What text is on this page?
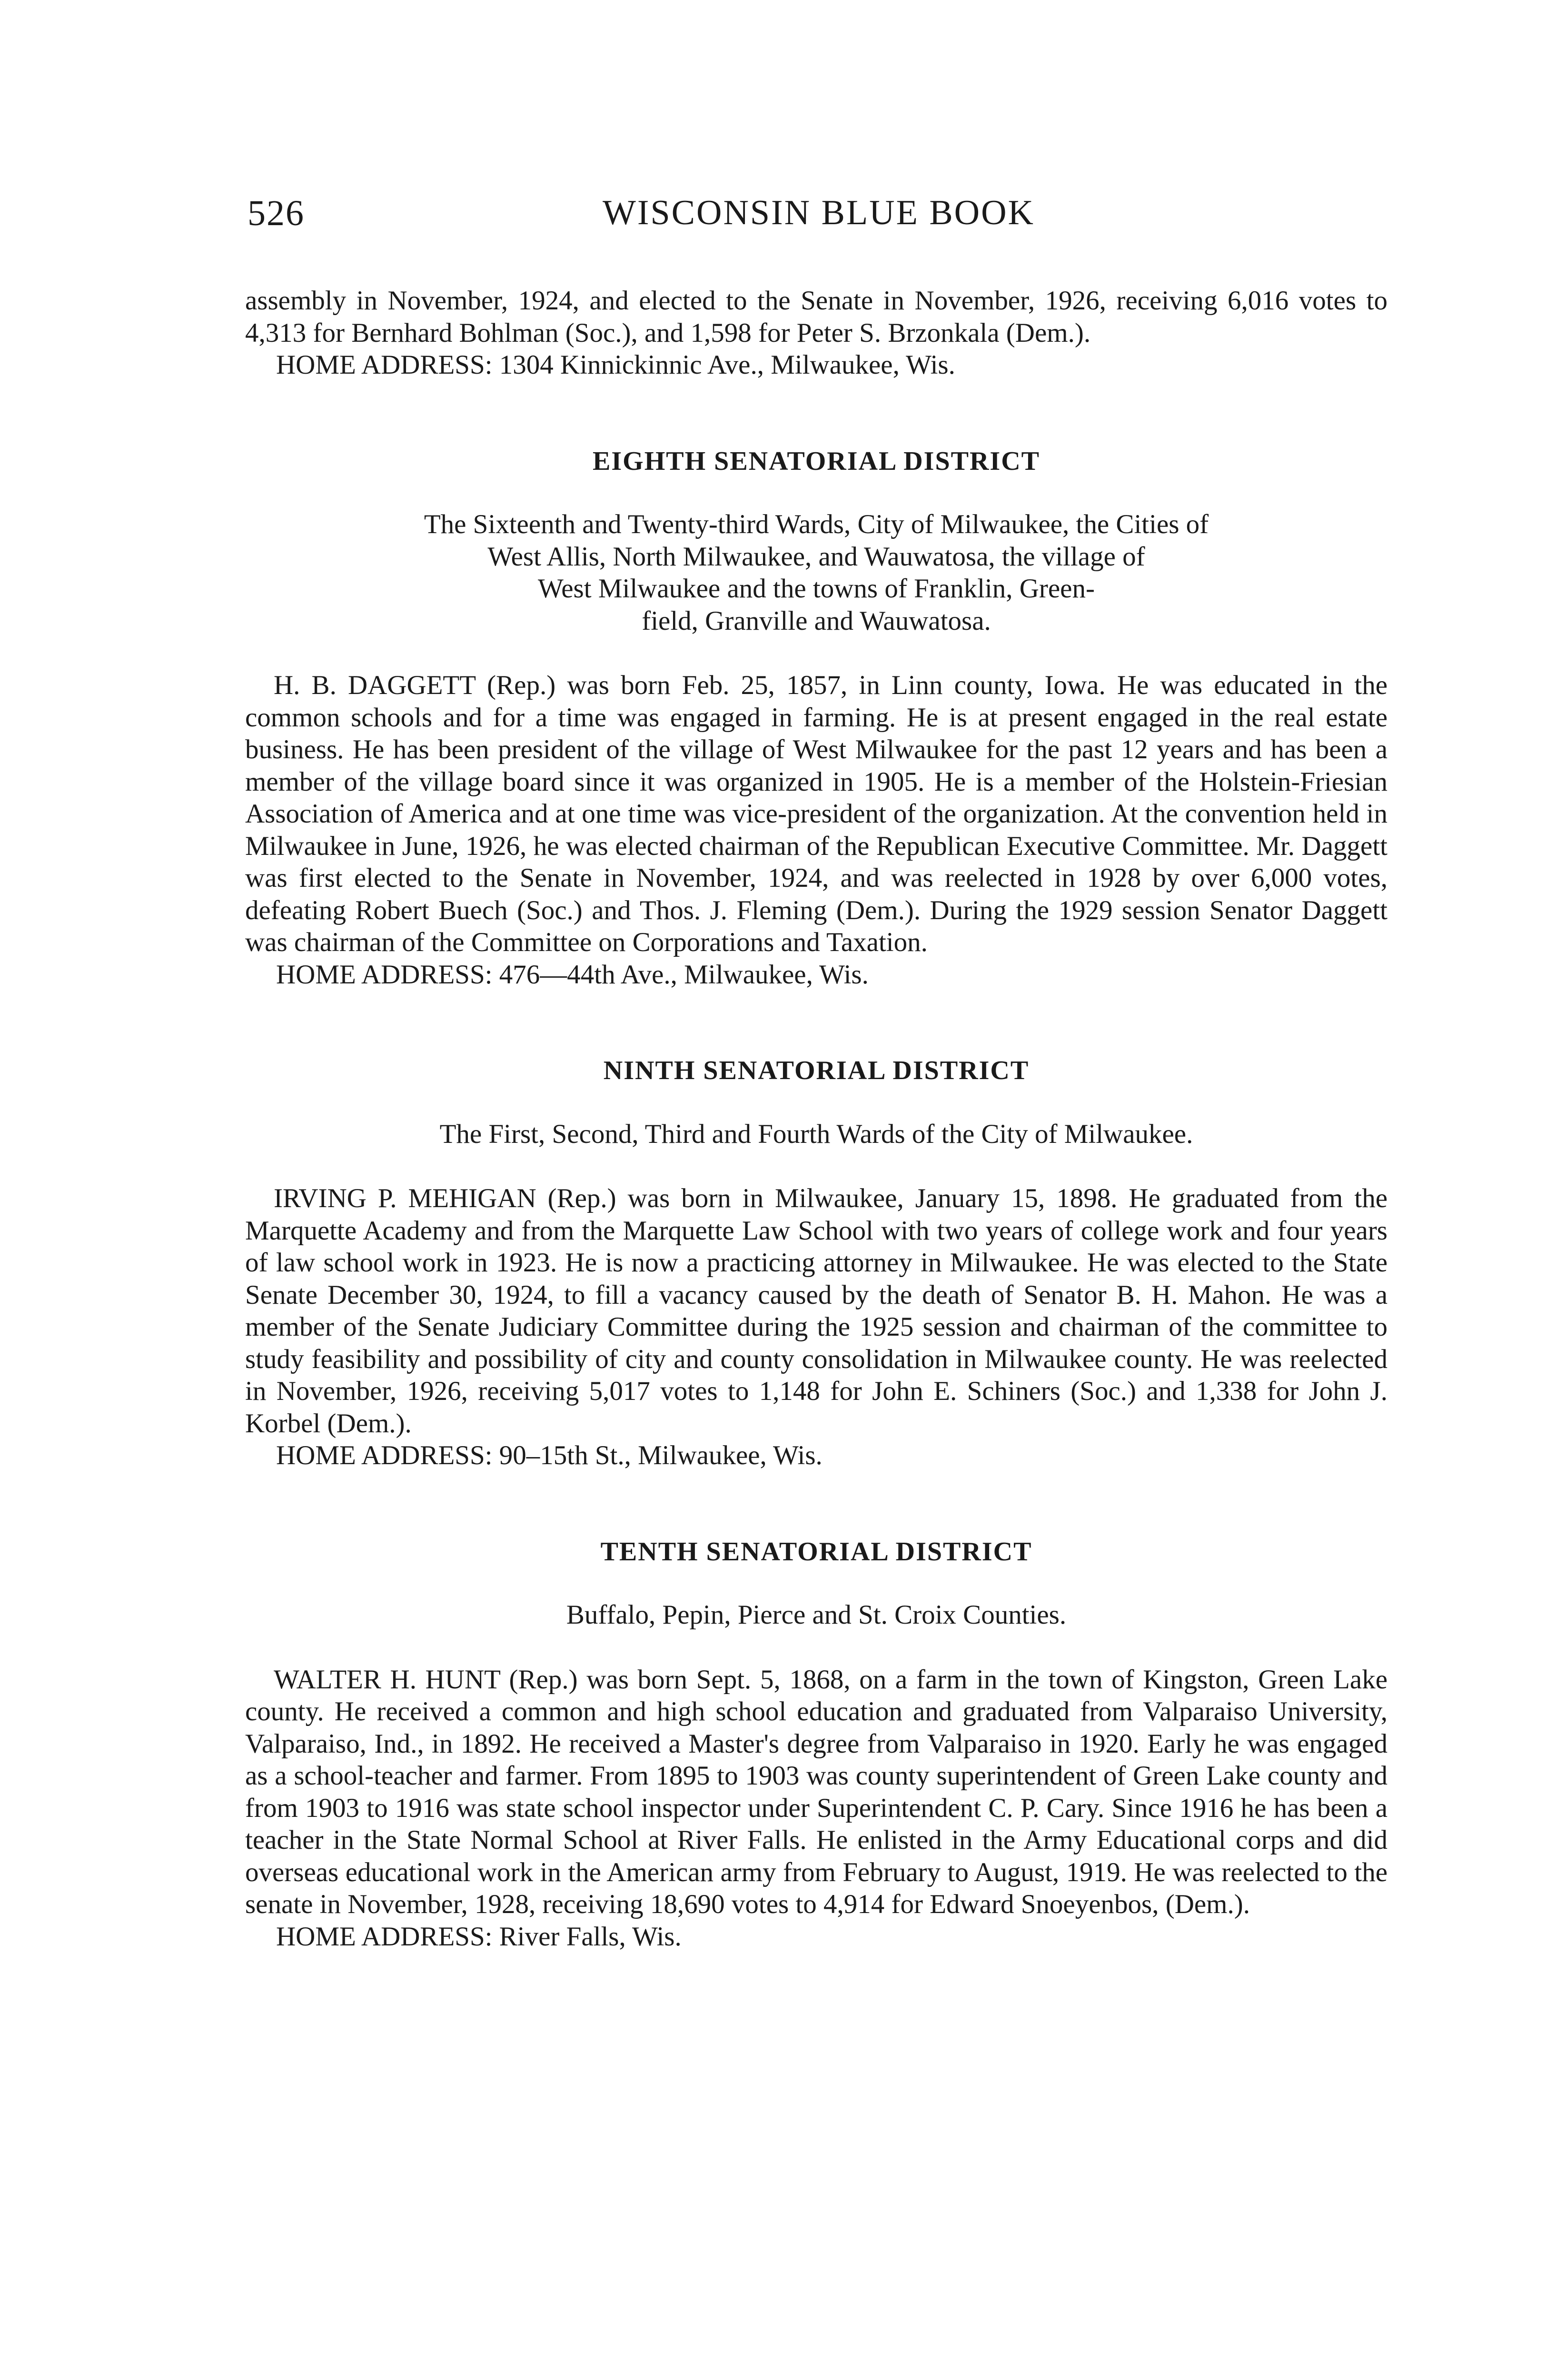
526	WISCONSIN BLUE BOOK

assembly in November, 1924, and elected to the Senate in November, 1926, receiving 6,016 votes to 4,313 for Bernhard Bohlman (Soc.), and 1,598 for Peter S. Brzonkala (Dem.).

HOME ADDRESS: 1304 Kinnickinnic Ave., Milwaukee, Wis.

EIGHTH SENATORIAL DISTRICT

The Sixteenth and Twenty-third Wards, City of Milwaukee, the Cities of

West Allis, North Milwaukee, and Wauwatosa, the village of

West Milwaukee and the towns of Franklin, Green-

field, Granville and Wauwatosa.

H. B. DAGGETT (Rep.) was born Feb. 25, 1857, in Linn county, Iowa. He was educated in the common schools and for a time was engaged in farming. He is at present engaged in the real estate business. He has been president of the village of West Milwaukee for the past 12 years and has been a member of the village board since it was organized in 1905. He is a member of the Holstein-Friesian Association of America and at one time was vice-president of the organization. At the convention held in Milwaukee in June, 1926, he was elected chairman of the Republican Executive Committee. Mr. Daggett was first elected to the Senate in November, 1924, and was reelected in 1928 by over 6,000 votes, defeating Robert Buech (Soc.) and Thos. J. Fleming (Dem.). During the 1929 session Senator Daggett was chairman of the Committee on Corporations and Taxation.

HOME ADDRESS: 476—44th Ave., Milwaukee, Wis.

NINTH SENATORIAL DISTRICT

The First, Second, Third and Fourth Wards of the City of Milwaukee.

IRVING P. MEHIGAN (Rep.) was born in Milwaukee, January 15, 1898. He graduated from the Marquette Academy and from the Marquette Law School with two years of college work and four years of law school work in 1923. He is now a practicing attorney in Milwaukee. He was elected to the State Senate December 30, 1924, to fill a vacancy caused by the death of Senator B. H. Mahon. He was a member of the Senate Judiciary Committee during the 1925 session and chairman of the committee to study feasibility and possibility of city and county consolidation in Milwaukee county. He was reelected in November, 1926, receiving 5,017 votes to 1,148 for John E. Schiners (Soc.) and 1,338 for John J. Korbel (Dem.).

HOME ADDRESS: 90–15th St., Milwaukee, Wis.

TENTH SENATORIAL DISTRICT

Buffalo, Pepin, Pierce and St. Croix Counties.

WALTER H. HUNT (Rep.) was born Sept. 5, 1868, on a farm in the town of Kingston, Green Lake county. He received a common and high school education and graduated from Valparaiso University, Valparaiso, Ind., in 1892. He received a Master's degree from Valparaiso in 1920. Early he was engaged as a school-teacher and farmer. From 1895 to 1903 was county superintendent of Green Lake county and from 1903 to 1916 was state school inspector under Superintendent C. P. Cary. Since 1916 he has been a teacher in the State Normal School at River Falls. He enlisted in the Army Educational corps and did overseas educational work in the American army from February to August, 1919. He was reelected to the senate in November, 1928, receiving 18,690 votes to 4,914 for Edward Snoeyenbos, (Dem.).

HOME ADDRESS: River Falls, Wis.
